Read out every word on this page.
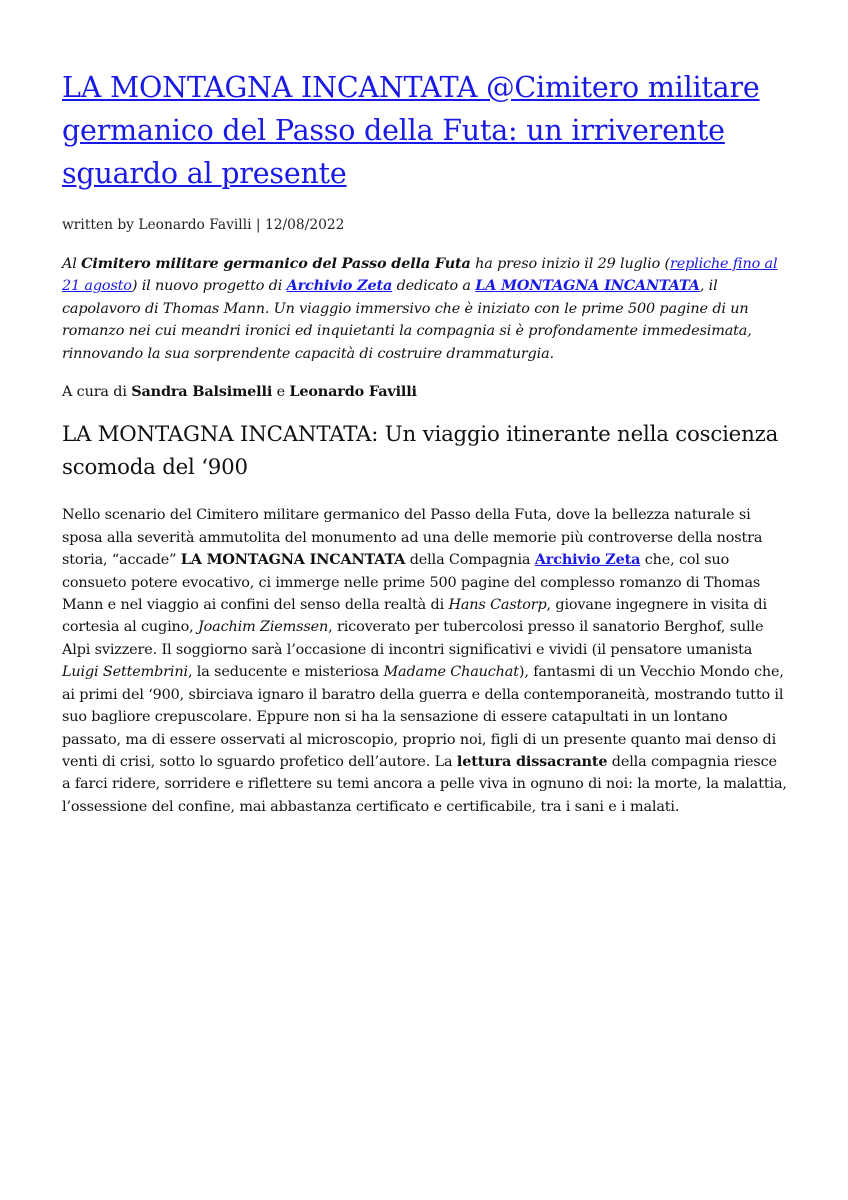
LA MONTAGNA INCANTATA @Cimitero militare germanico del Passo della Futa: un irriverente sguardo al presente
written by Leonardo Favilli | 12/08/2022

Al Cimitero militare germanico del Passo della Futa ha preso inizio il 29 luglio (repliche fino al 21 agosto) il nuovo progetto di Archivio Zeta dedicato a LA MONTAGNA INCANTATA, il capolavoro di Thomas Mann. Un viaggio immersivo che è iniziato con le prime 500 pagine di un romanzo nei cui meandri ironici ed inquietanti la compagnia si è profondamente immedesimata, rinnovando la sua sorprendente capacità di costruire drammaturgia.

A cura di Sandra Balsimelli e Leonardo Favilli

LA MONTAGNA INCANTATA: Un viaggio itinerante nella coscienza scomoda del ‘900

Nello scenario del Cimitero militare germanico del Passo della Futa, dove la bellezza naturale si sposa alla severità ammutolita del monumento ad una delle memorie più controverse della nostra storia, “accade” LA MONTAGNA INCANTATA della Compagnia Archivio Zeta che, col suo consueto potere evocativo, ci immerge nelle prime 500 pagine del complesso romanzo di Thomas Mann e nel viaggio ai confini del senso della realtà di Hans Castorp, giovane ingegnere in visita di cortesia al cugino, Joachim Ziemssen, ricoverato per tubercolosi presso il sanatorio Berghof, sulle Alpi svizzere. Il soggiorno sarà l’occasione di incontri significativi e vividi (il pensatore umanista Luigi Settembrini, la seducente e misteriosa Madame Chauchat), fantasmi di un Vecchio Mondo che, ai primi del ‘900, sbirciava ignaro il baratro della guerra e della contemporaneità, mostrando tutto il suo bagliore crepuscolare. Eppure non si ha la sensazione di essere catapultati in un lontano passato, ma di essere osservati al microscopio, proprio noi, figli di un presente quanto mai denso di venti di crisi, sotto lo sguardo profetico dell’autore. La lettura dissacrante della compagnia riesce a farci ridere, sorridere e riflettere su temi ancora a pelle viva in ognuno di noi: la morte, la malattia, l’ossessione del confine, mai abbastanza certificato e certificabile, tra i sani e i malati.
